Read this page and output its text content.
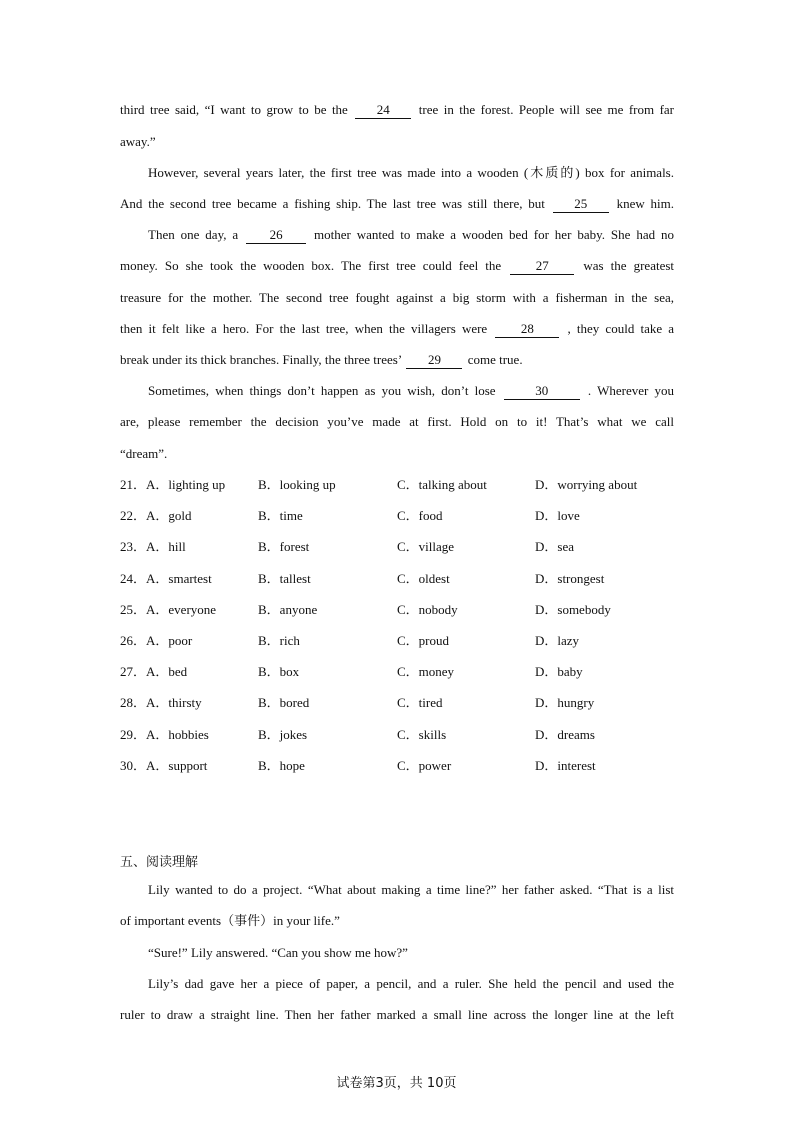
third tree said, “I want to grow to be the 24 tree in the forest. People will see me from far
away.”
However, several years later, the first tree was made into a wooden (木质的) box for animals.
And the second tree became a fishing ship. The last tree was still there, but 25 knew him.
Then one day, a 26 mother wanted to make a wooden bed for her baby. She had no
money. So she took the wooden box. The first tree could feel the	27	was the greatest
treasure for the mother. The second tree fought against a big storm with a fisherman in the sea,
then it felt like a hero. For the last tree, when the villagers were	28	, they could take a
break under its thick branches. Finally, the three trees’ 29 come true.
Sometimes, when things don’t happen as you wish, don’t lose	30	. Wherever you
are, please remember the decision you’ve made at first. Hold on to it! That’s what we call
“dream”.
21．A．lighting up	B．looking up	C．talking about	D．worrying about
22．A．gold	B．time	C．food	D．love
23．A．hill	B．forest	C．village	D．sea
24．A．smartest	B．tallest	C．oldest	D．strongest
25．A．everyone	B．anyone	C．nobody	D．somebody
26．A．poor	B．rich	C．proud	D．lazy
27．A．bed	B．box	C．money	D．baby
28．A．thirsty	B．bored	C．tired	D．hungry
29．A．hobbies	B．jokes	C．skills	D．dreams
30．A．support	B．hope	C．power	D．interest
五、阅读理解
Lily wanted to do a project. “What about making a time line?” her father asked. “That is a list
of important events（事件）in your life.”
“Sure!” Lily answered. “Can you show me how?”
Lily’s dad gave her a piece of paper, a pencil, and a ruler. She held the pencil and used the
ruler to draw a straight line. Then her father marked a small line across the longer line at the left
试卷第3页，共 10页
